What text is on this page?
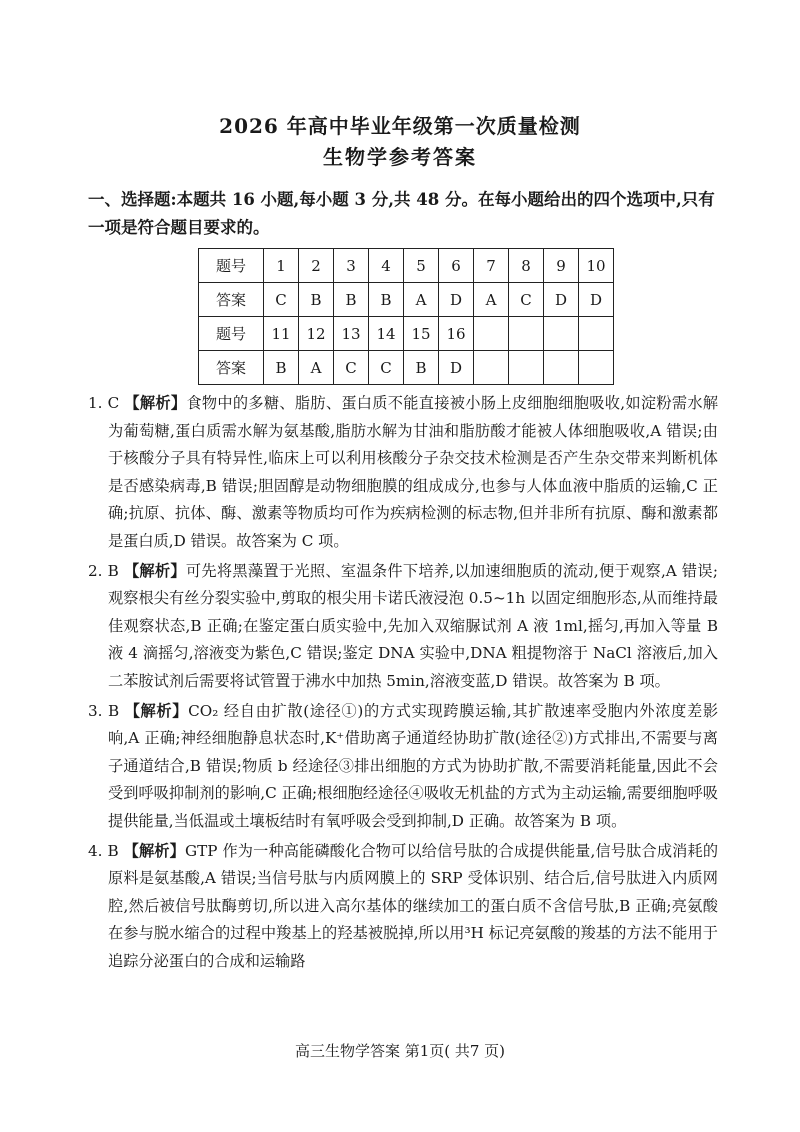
2026 年高中毕业年级第一次质量检测
生物学参考答案
一、选择题:本题共 16 小题,每小题 3 分,共 48 分。在每小题给出的四个选项中,只有一项是符合题目要求的。
题号	1	2	3	4	5	6	7	8	9	10
答案	C	B	B	B	A	D	A	C	D	D
题号	11	12	13	14	15	16				
答案	B	A	C	C	B	D				

1. C 【解析】食物中的多糖、脂肪、蛋白质不能直接被小肠上皮细胞细胞吸收,如淀粉需水解为葡萄糖,蛋白质需水解为氨基酸,脂肪水解为甘油和脂肪酸才能被人体细胞吸收,A 错误;由于核酸分子具有特异性,临床上可以利用核酸分子杂交技术检测是否产生杂交带来判断机体是否感染病毒,B 错误;胆固醇是动物细胞膜的组成成分,也参与人体血液中脂质的运输,C 正确;抗原、抗体、酶、激素等物质均可作为疾病检测的标志物,但并非所有抗原、酶和激素都是蛋白质,D 错误。故答案为 C 项。

2. B 【解析】可先将黑藻置于光照、室温条件下培养,以加速细胞质的流动,便于观察,A 错误;观察根尖有丝分裂实验中,剪取的根尖用卡诺氏液浸泡 0.5~1h 以固定细胞形态,从而维持最佳观察状态,B 正确;在鉴定蛋白质实验中,先加入双缩脲试剂 A 液 1ml,摇匀,再加入等量 B 液 4 滴摇匀,溶液变为紫色,C 错误;鉴定 DNA 实验中,DNA 粗提物溶于 NaCl 溶液后,加入二苯胺试剂后需要将试管置于沸水中加热 5min,溶液变蓝,D 错误。故答案为 B 项。

3. B 【解析】CO₂ 经自由扩散(途径①)的方式实现跨膜运输,其扩散速率受胞内外浓度差影响,A 正确;神经细胞静息状态时,K⁺借助离子通道经协助扩散(途径②)方式排出,不需要与离子通道结合,B 错误;物质 b 经途径③排出细胞的方式为协助扩散,不需要消耗能量,因此不会受到呼吸抑制剂的影响,C 正确;根细胞经途径④吸收无机盐的方式为主动运输,需要细胞呼吸提供能量,当低温或土壤板结时有氧呼吸会受到抑制,D 正确。故答案为 B 项。

4. B 【解析】GTP 作为一种高能磷酸化合物可以给信号肽的合成提供能量,信号肽合成消耗的原料是氨基酸,A 错误;当信号肽与内质网膜上的 SRP 受体识别、结合后,信号肽进入内质网腔,然后被信号肽酶剪切,所以进入高尔基体的继续加工的蛋白质不含信号肽,B 正确;亮氨酸在参与脱水缩合的过程中羧基上的羟基被脱掉,所以用³H 标记亮氨酸的羧基的方法不能用于追踪分泌蛋白的合成和运输路

高三生物学答案 第1页( 共7 页)
